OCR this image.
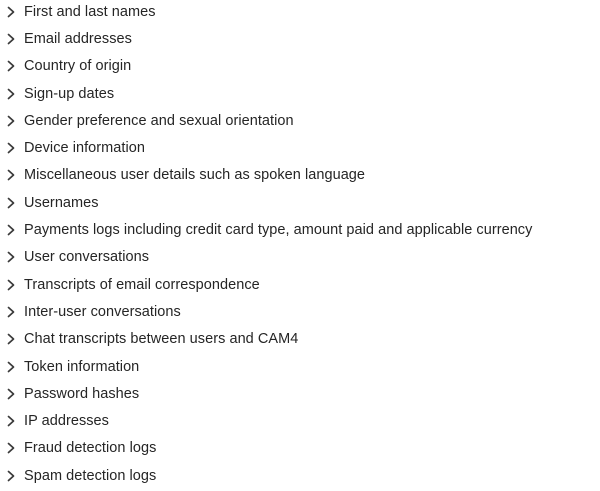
First and last names
Email addresses
Country of origin
Sign-up dates
Gender preference and sexual orientation
Device information
Miscellaneous user details such as spoken language
Usernames
Payments logs including credit card type, amount paid and applicable currency
User conversations
Transcripts of email correspondence
Inter-user conversations
Chat transcripts between users and CAM4
Token information
Password hashes
IP addresses
Fraud detection logs
Spam detection logs
